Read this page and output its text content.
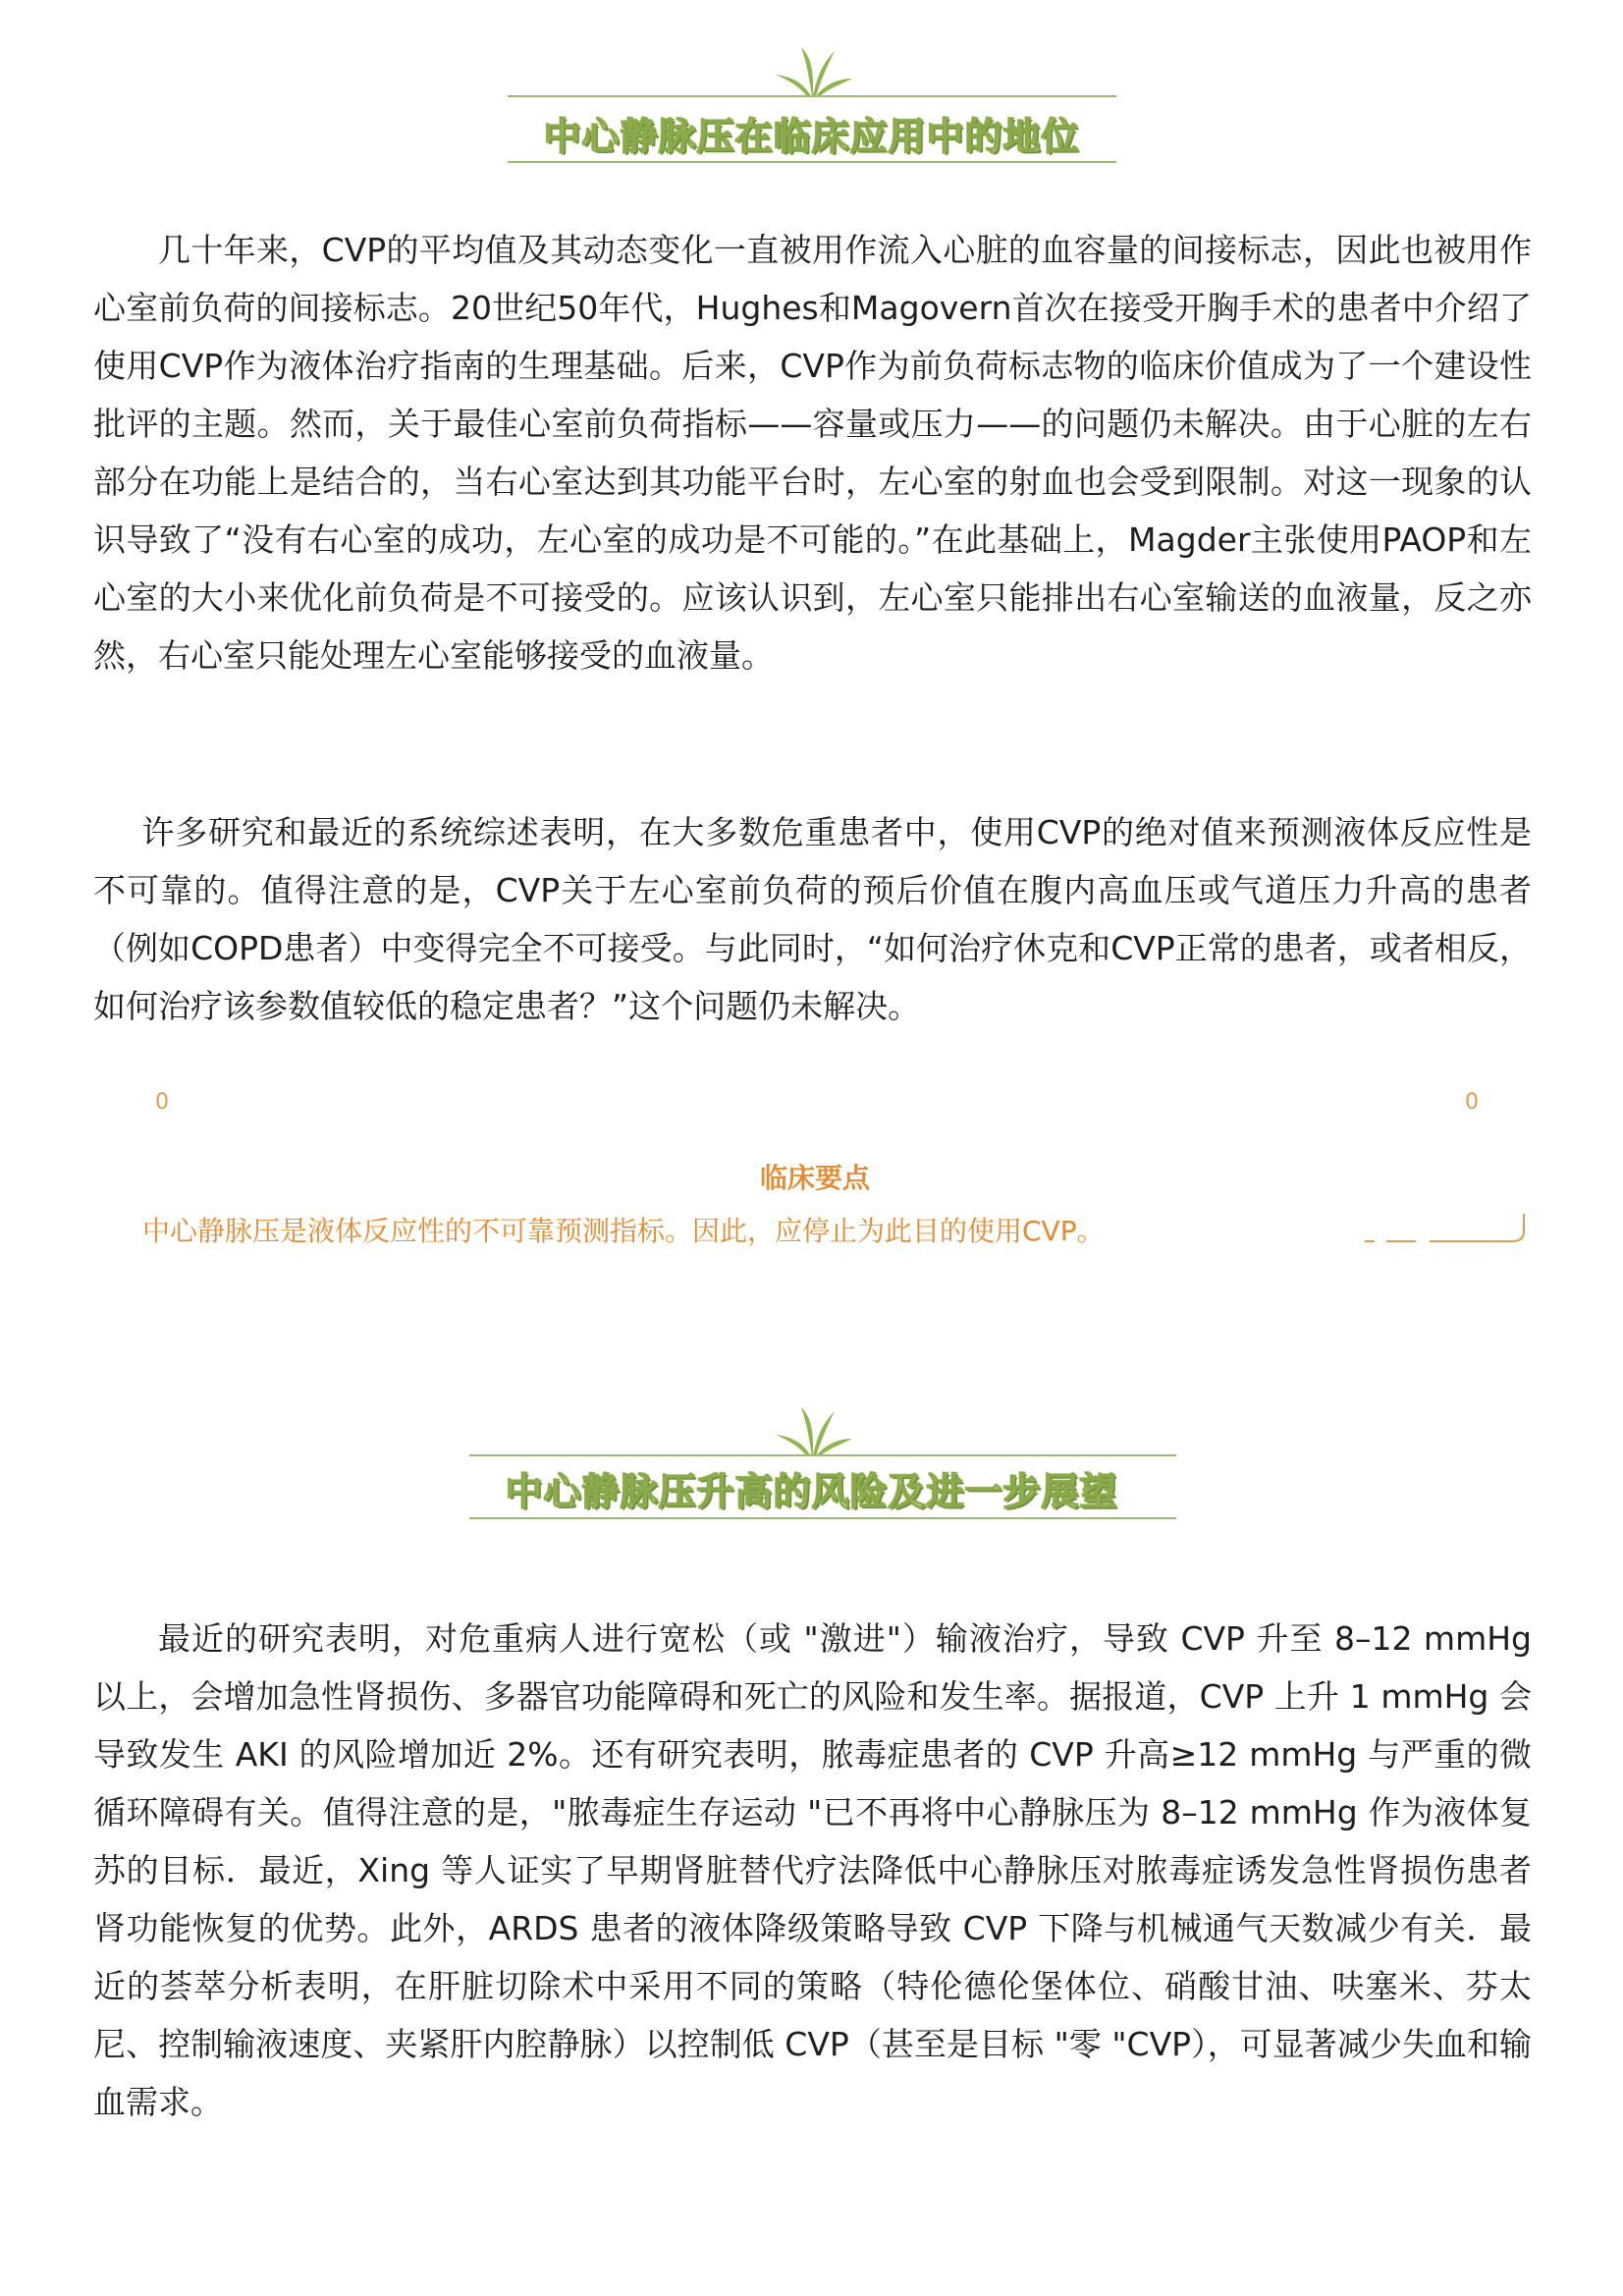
中心静脉压在临床应用中的地位

几十年来，CVP的平均值及其动态变化一直被用作流入心脏的血容量的间接标志，因此也被用作心室前负荷的间接标志。20世纪50年代，Hughes和Magovern首次在接受开胸手术的患者中介绍了使用CVP作为液体治疗指南的生理基础。后来，CVP作为前负荷标志物的临床价值成为了一个建设性批评的主题。然而，关于最佳心室前负荷指标——容量或压力——的问题仍未解决。由于心脏的左右部分在功能上是结合的，当右心室达到其功能平台时，左心室的射血也会受到限制。对这一现象的认识导致了“没有右心室的成功，左心室的成功是不可能的。”在此基础上，Magder主张使用PAOP和左心室的大小来优化前负荷是不可接受的。应该认识到，左心室只能排出右心室输送的血液量，反之亦然，右心室只能处理左心室能够接受的血液量。

许多研究和最近的系统综述表明，在大多数危重患者中，使用CVP的绝对值来预测液体反应性是不可靠的。值得注意的是，CVP关于左心室前负荷的预后价值在腹内高血压或气道压力升高的患者（例如COPD患者）中变得完全不可接受。与此同时，“如何治疗休克和CVP正常的患者，或者相反，如何治疗该参数值较低的稳定患者？”这个问题仍未解决。

0	0
临床要点
中心静脉压是液体反应性的不可靠预测指标。因此，应停止为此目的使用CVP。
中心静脉压升高的风险及进一步展望

最近的研究表明，对危重病人进行宽松（或 "激进"）输液治疗，导致 CVP 升至 8–12 mmHg 以上，会增加急性肾损伤、多器官功能障碍和死亡的风险和发生率。据报道，CVP 上升 1 mmHg 会导致发生 AKI 的风险增加近 2%。还有研究表明，脓毒症患者的 CVP 升高≥12 mmHg 与严重的微循环障碍有关。值得注意的是，"脓毒症生存运动 "已不再将中心静脉压为 8–12 mmHg 作为液体复苏的目标．最近，Xing 等人证实了早期肾脏替代疗法降低中心静脉压对脓毒症诱发急性肾损伤患者肾功能恢复的优势。此外，ARDS 患者的液体降级策略导致 CVP 下降与机械通气天数减少有关．最近的荟萃分析表明，在肝脏切除术中采用不同的策略（特伦德伦堡体位、硝酸甘油、呋塞米、芬太尼、控制输液速度、夹紧肝内腔静脉）以控制低 CVP（甚至是目标 "零 "CVP），可显著减少失血和输血需求。
